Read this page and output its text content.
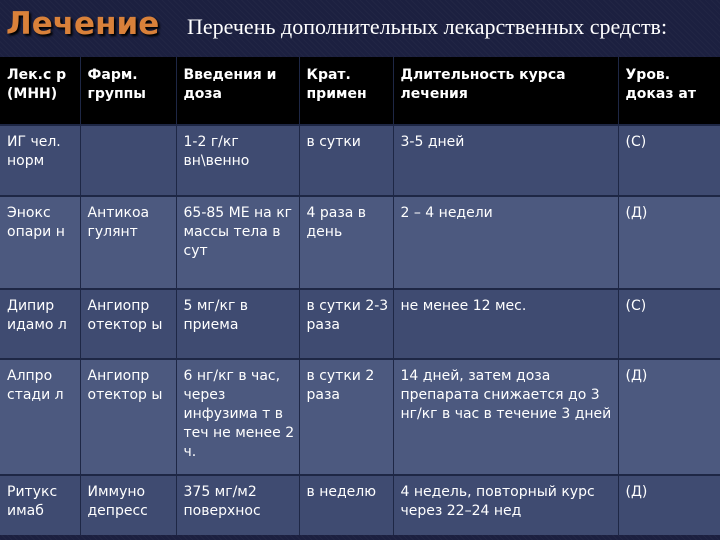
Лечение Перечень дополнительных лекарственных средств:
Лек.с р (МНН)	Фарм. группы	Введения и доза	Крат. примен	Длительность курса лечения	Уров. доказ ат
ИГ чел. норм		1-2 г/кг вн\венно	в сутки	3-5 дней	(С)
Энокс опари н	Антикоа гулянт	65-85 МЕ на кг массы тела в сут	4 раза в день	2 – 4 недели	(Д)
Дипир идамо л	Ангиопр отектор ы	5 мг/кг в приема	в сутки 2-3 раза	не менее 12 мес.	(С)
Алпро стади л	Ангиопр отектор ы	6 нг/кг в час, через инфузима т в теч не менее 2 ч.	в сутки 2 раза	14 дней, затем доза препарата снижается до 3 нг/кг в час в течение 3 дней	(Д)
Ритукс имаб	Иммуно депресс	375 мг/м2 поверхнос	в неделю	4 недель, повторный курс через 22–24 нед	(Д)
